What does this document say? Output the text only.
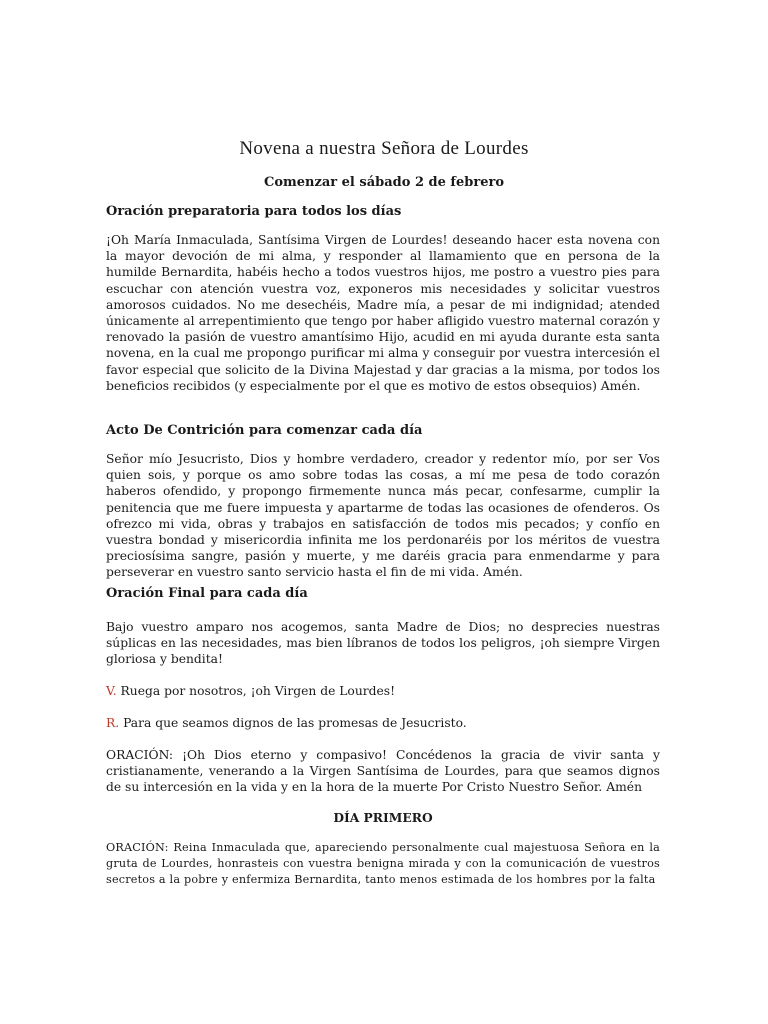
Novena a nuestra Señora de Lourdes
Comenzar el sábado 2 de febrero
Oración preparatoria para todos los días

¡Oh María Inmaculada, Santísima Virgen de Lourdes! deseando hacer esta novena con la mayor devoción de mi alma, y responder al llamamiento que en persona de la humilde Bernardita, habéis hecho a todos vuestros hijos, me postro a vuestro pies para escuchar con atención vuestra voz, exponeros mis necesidades y solicitar vuestros amorosos cuidados. No me desechéis, Madre mía, a pesar de mi indignidad; atended únicamente al arrepentimiento que tengo por haber afligido vuestro maternal corazón y renovado la pasión de vuestro amantísimo Hijo, acudid en mi ayuda durante esta santa novena, en la cual me propongo purificar mi alma y conseguir por vuestra intercesión el favor especial que solicito de la Divina Majestad y dar gracias a la misma, por todos los beneficios recibidos (y especialmente por el que es motivo de estos obsequios) Amén.

Acto De Contrición para comenzar cada día

Señor mío Jesucristo, Dios y hombre verdadero, creador y redentor mío, por ser Vos quien sois, y porque os amo sobre todas las cosas, a mí me pesa de todo corazón haberos ofendido, y propongo firmemente nunca más pecar, confesarme, cumplir la penitencia que me fuere impuesta y apartarme de todas las ocasiones de ofenderos. Os ofrezco mi vida, obras y trabajos en satisfacción de todos mis pecados; y confío en vuestra bondad y misericordia infinita me los perdonaréis por los méritos de vuestra preciosísima sangre, pasión y muerte, y me daréis gracia para enmendarme y para perseverar en vuestro santo servicio hasta el fin de mi vida. Amén.

Oración Final para cada día

Bajo vuestro amparo nos acogemos, santa Madre de Dios; no desprecies nuestras súplicas en las necesidades, mas bien líbranos de todos los peligros, ¡oh siempre Virgen gloriosa y bendita!

V. Ruega por nosotros, ¡oh Virgen de Lourdes!

R. Para que seamos dignos de las promesas de Jesucristo.

ORACIÓN: ¡Oh Dios eterno y compasivo! Concédenos la gracia de vivir santa y cristianamente, venerando a la Virgen Santísima de Lourdes, para que seamos dignos de su intercesión en la vida y en la hora de la muerte Por Cristo Nuestro Señor. Amén

DÍA PRIMERO

ORACIÓN: Reina Inmaculada que, apareciendo personalmente cual majestuosa Señora en la gruta de Lourdes, honrasteis con vuestra benigna mirada y con la comunicación de vuestros secretos a la pobre y enfermiza Bernardita, tanto menos estimada de los hombres por la falta
